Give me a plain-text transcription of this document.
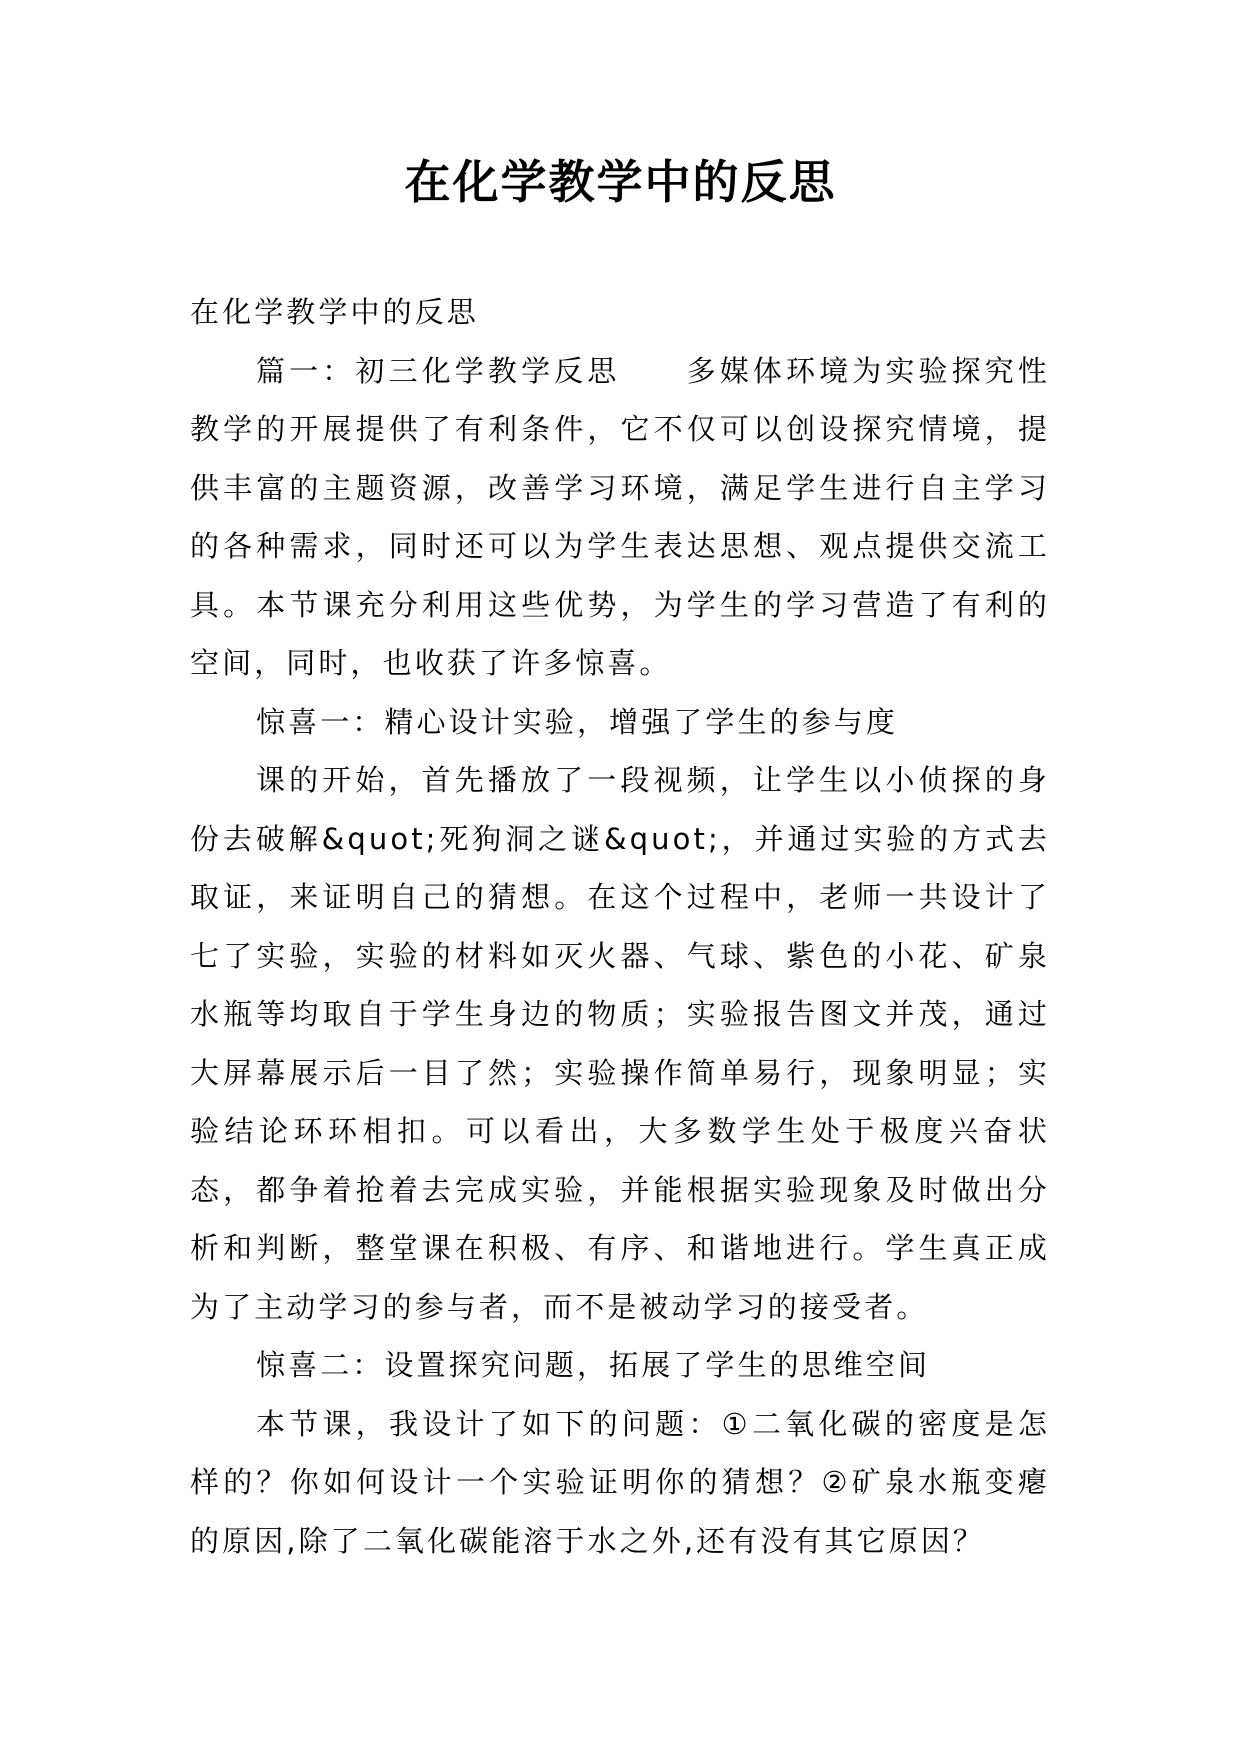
在化学教学中的反思

在化学教学中的反思

篇一：初三化学教学反思　　多媒体环境为实验探究性教学的开展提供了有利条件，它不仅可以创设探究情境，提供丰富的主题资源，改善学习环境，满足学生进行自主学习的各种需求，同时还可以为学生表达思想、观点提供交流工具。本节课充分利用这些优势，为学生的学习营造了有利的空间，同时，也收获了许多惊喜。

惊喜一：精心设计实验，增强了学生的参与度

课的开始，首先播放了一段视频，让学生以小侦探的身份去破解&quot;死狗洞之谜&quot;，并通过实验的方式去取证，来证明自己的猜想。在这个过程中，老师一共设计了七了实验，实验的材料如灭火器、气球、紫色的小花、矿泉水瓶等均取自于学生身边的物质；实验报告图文并茂，通过大屏幕展示后一目了然；实验操作简单易行，现象明显；实验结论环环相扣。可以看出，大多数学生处于极度兴奋状态，都争着抢着去完成实验，并能根据实验现象及时做出分析和判断，整堂课在积极、有序、和谐地进行。学生真正成为了主动学习的参与者，而不是被动学习的接受者。

惊喜二：设置探究问题，拓展了学生的思维空间

本节课，我设计了如下的问题：①二氧化碳的密度是怎样的？你如何设计一个实验证明你的猜想？②矿泉水瓶变瘪的原因,除了二氧化碳能溶于水之外,还有没有其它原因？
